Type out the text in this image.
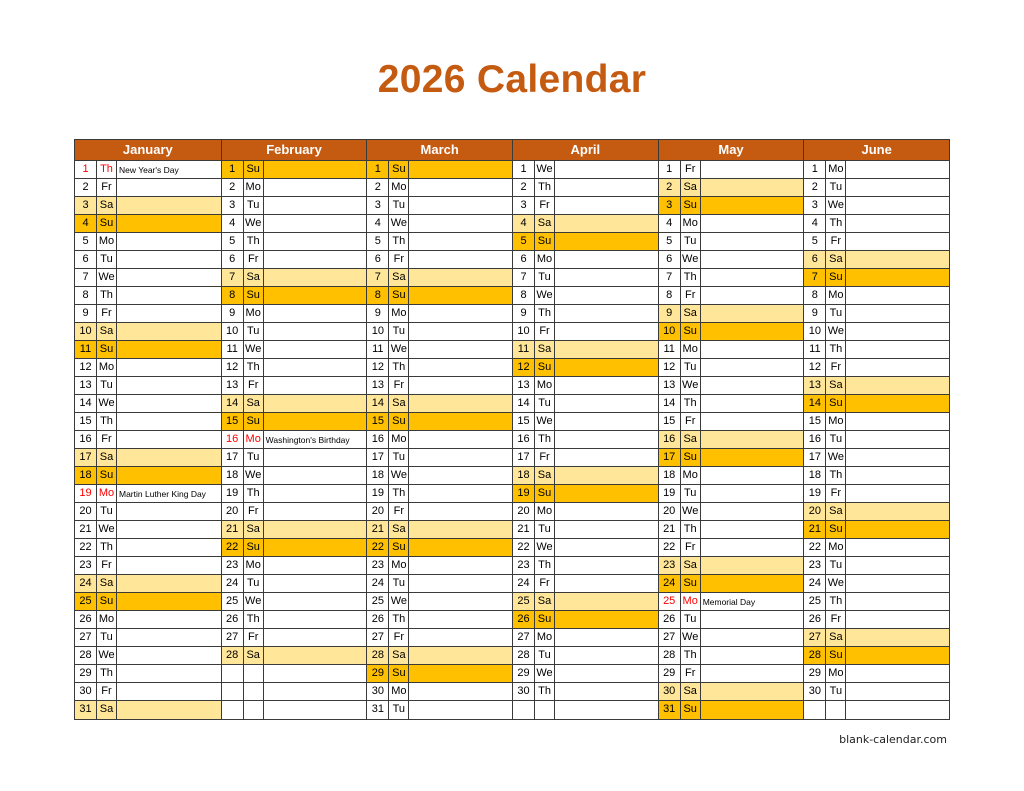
2026 Calendar
January
1	Th New Year's Day
2	Fr
3	Sa
4	Su
5 Mo
6	Tu
7 We
8	Th
9	Fr
10 Sa
11 Su
12 Mo
13 Tu
14 We
15 Th
16 Fr
17 Sa
18 Su
19 Mo Martin Luther King Day
20 Tu
21 We
22 Th
23 Fr
24 Sa
25 Su
26 Mo
27 Tu
28 We
29 Th
30 Fr
31 Sa
February
1	Su
2 Mo
3	Tu
4 We
5	Th
6	Fr
7	Sa
8	Su
9 Mo
10 Tu
11 We
12 Th
13 Fr
14 Sa
15 Su
16 Mo Washington's Birthday
17 Tu
18 We
19 Th
20 Fr
21 Sa
22 Su
23 Mo
24 Tu
25 We
26 Th
27 Fr
28 Sa
March
1	Su
2 Mo
3	Tu
4 We
5	Th
6	Fr
7	Sa
8	Su
9 Mo
10 Tu
11 We
12 Th
13 Fr
14 Sa
15 Su
16 Mo
17 Tu
18 We
19 Th
20 Fr
21 Sa
22 Su
23 Mo
24 Tu
25 We
26 Th
27 Fr
28 Sa
29 Su
30 Mo
31 Tu
April
1 We
2	Th
3	Fr
4	Sa
5	Su
6 Mo
7	Tu
8 We
9	Th
10 Fr
11 Sa
12 Su
13 Mo
14 Tu
15 We
16 Th
17 Fr
18 Sa
19 Su
20 Mo
21 Tu
22 We
23 Th
24 Fr
25 Sa
26 Su
27 Mo
28 Tu
29 We
30 Th
May
1	Fr
2	Sa
3	Su
4 Mo
5	Tu
6 We
7	Th
8	Fr
9	Sa
10 Su
11 Mo
12 Tu
13 We
14 Th
15 Fr
16 Sa
17 Su
18 Mo
19 Tu
20 We
21 Th
22 Fr
23 Sa
24 Su
25 Mo Memorial Day
26 Tu
27 We
28 Th
29 Fr
30 Sa
31 Su
June
1 Mo
2	Tu
3 We
4	Th
5	Fr
6	Sa
7	Su
8 Mo
9	Tu
10 We
11 Th
12 Fr
13 Sa
14 Su
15 Mo
16 Tu
17 We
18 Th
19 Fr
20 Sa
21 Su
22 Mo
23 Tu
24 We
25 Th
26 Fr
27 Sa
28 Su
29 Mo
30 Tu
blank-calendar.com
